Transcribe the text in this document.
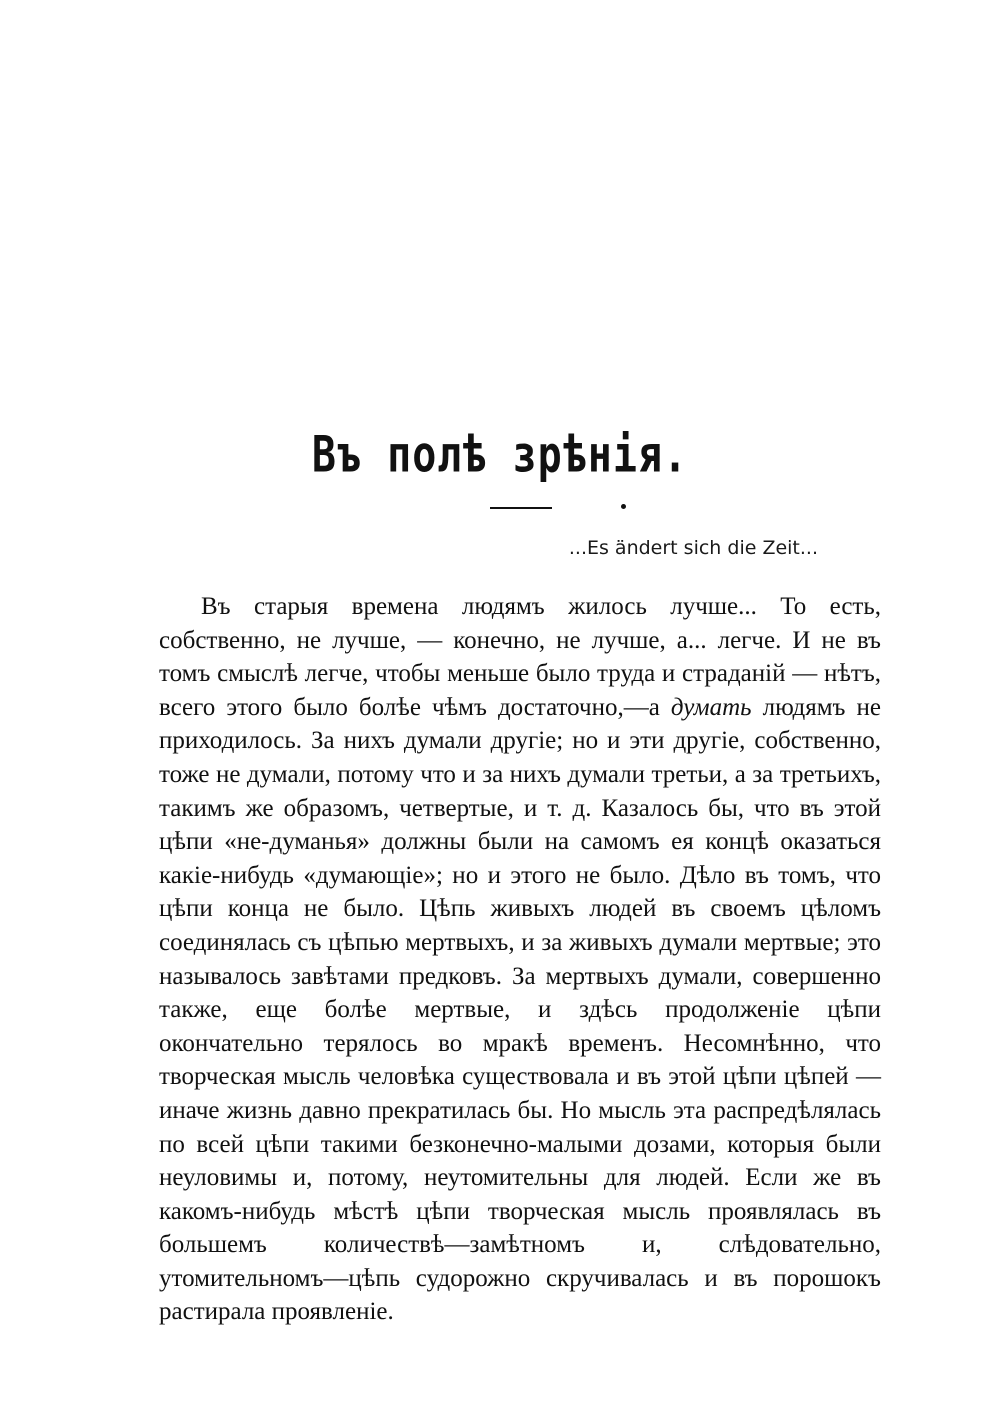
Въ полѣ зрѣнія.
...Es ändert sich die Zeit...

Въ старыя времена людямъ жилось лучше... То есть, собственно, не лучше, — конечно, не лучше, а... легче. И не въ томъ смыслѣ легче, чтобы меньше было труда и страданій — нѣтъ, всего этого было болѣе чѣмъ достаточно,—а думать людямъ не приходилось. За нихъ думали другіе; но и эти другіе, собственно, тоже не думали, потому что и за нихъ думали третьи, а за третьихъ, такимъ же образомъ, четвертые, и т. д. Казалось бы, что въ этой цѣпи «не-думанья» должны были на самомъ ея концѣ оказаться какіе-нибудь «думающіе»; но и этого не было. Дѣло въ томъ, что цѣпи конца не было. Цѣпь живыхъ людей въ своемъ цѣломъ соединялась съ цѣпью мертвыхъ, и за живыхъ думали мертвые; это называлось завѣтами предковъ. За мертвыхъ думали, совершенно также, еще болѣе мертвые, и здѣсь продолженіе цѣпи окончательно терялось во мракѣ временъ. Несомнѣнно, что творческая мысль человѣка существовала и въ этой цѣпи цѣпей — иначе жизнь давно прекратилась бы. Но мысль эта распредѣлялась по всей цѣпи такими безконечно-малыми дозами, которыя были неуловимы и, потому, неутомительны для людей. Если же въ какомъ-нибудь мѣстѣ цѣпи творческая мысль проявлялась въ большемъ количествѣ—замѣтномъ и, слѣдовательно, утомительномъ—цѣпь судорожно скручивалась и въ порошокъ растирала проявленіе.
